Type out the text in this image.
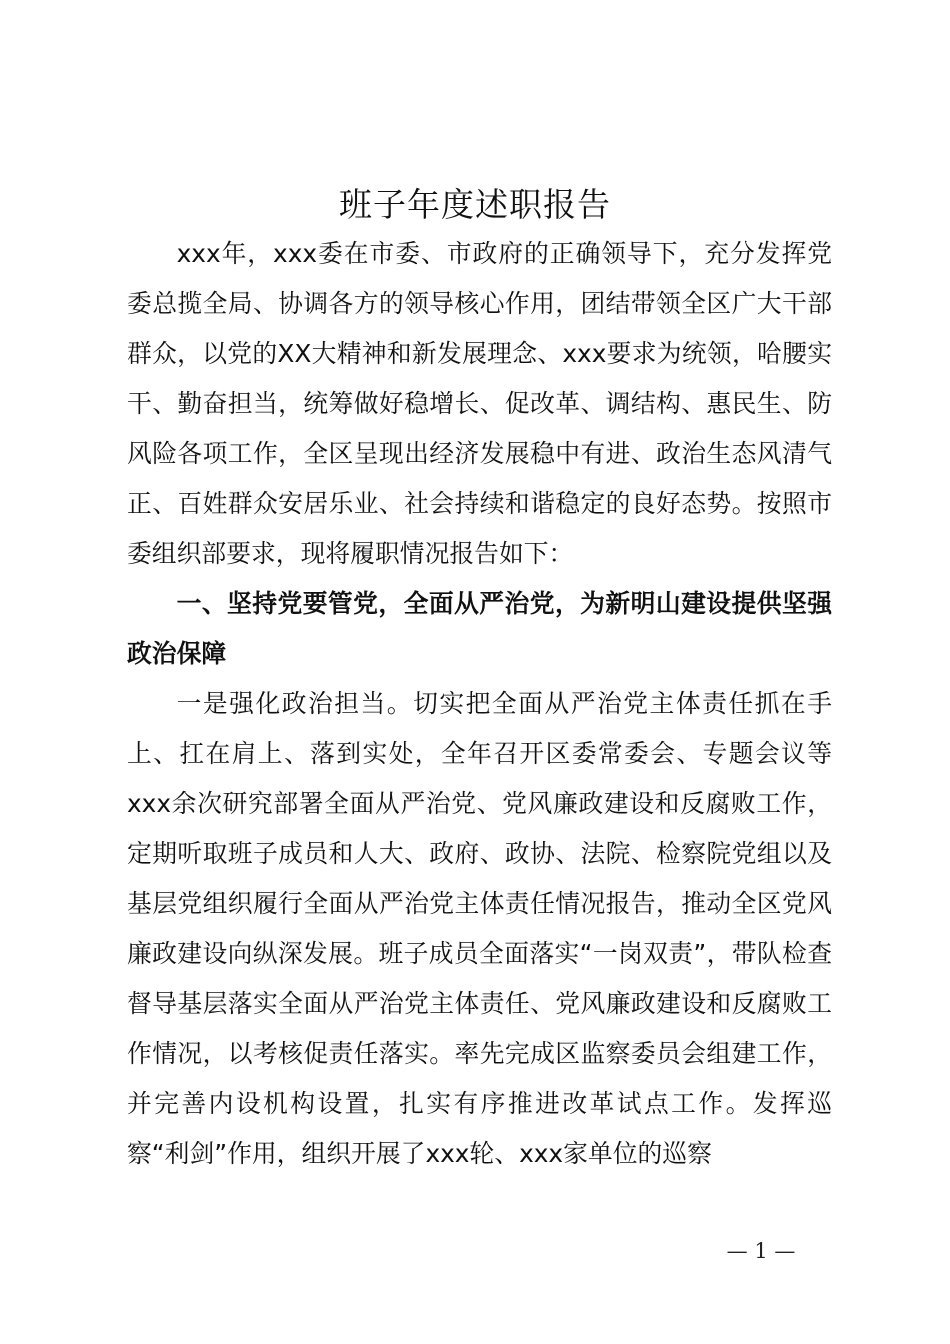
班子年度述职报告

xxx年，xxx委在市委、市政府的正确领导下，充分发挥党委总揽全局、协调各方的领导核心作用，团结带领全区广大干部群众，以党的XX大精神和新发展理念、xxx要求为统领，哈腰实干、勤奋担当，统筹做好稳增长、促改革、调结构、惠民生、防风险各项工作，全区呈现出经济发展稳中有进、政治生态风清气正、百姓群众安居乐业、社会持续和谐稳定的良好态势。按照市委组织部要求，现将履职情况报告如下：

一、坚持党要管党，全面从严治党，为新明山建设提供坚强政治保障

一是强化政治担当。切实把全面从严治党主体责任抓在手上、扛在肩上、落到实处，全年召开区委常委会、专题会议等xxx余次研究部署全面从严治党、党风廉政建设和反腐败工作，定期听取班子成员和人大、政府、政协、法院、检察院党组以及基层党组织履行全面从严治党主体责任情况报告，推动全区党风廉政建设向纵深发展。班子成员全面落实“一岗双责”，带队检查督导基层落实全面从严治党主体责任、党风廉政建设和反腐败工作情况，以考核促责任落实。率先完成区监察委员会组建工作，并完善内设机构设置，扎实有序推进改革试点工作。发挥巡察“利剑”作用，组织开展了xxx轮、xxx家单位的巡察

— 1 —
